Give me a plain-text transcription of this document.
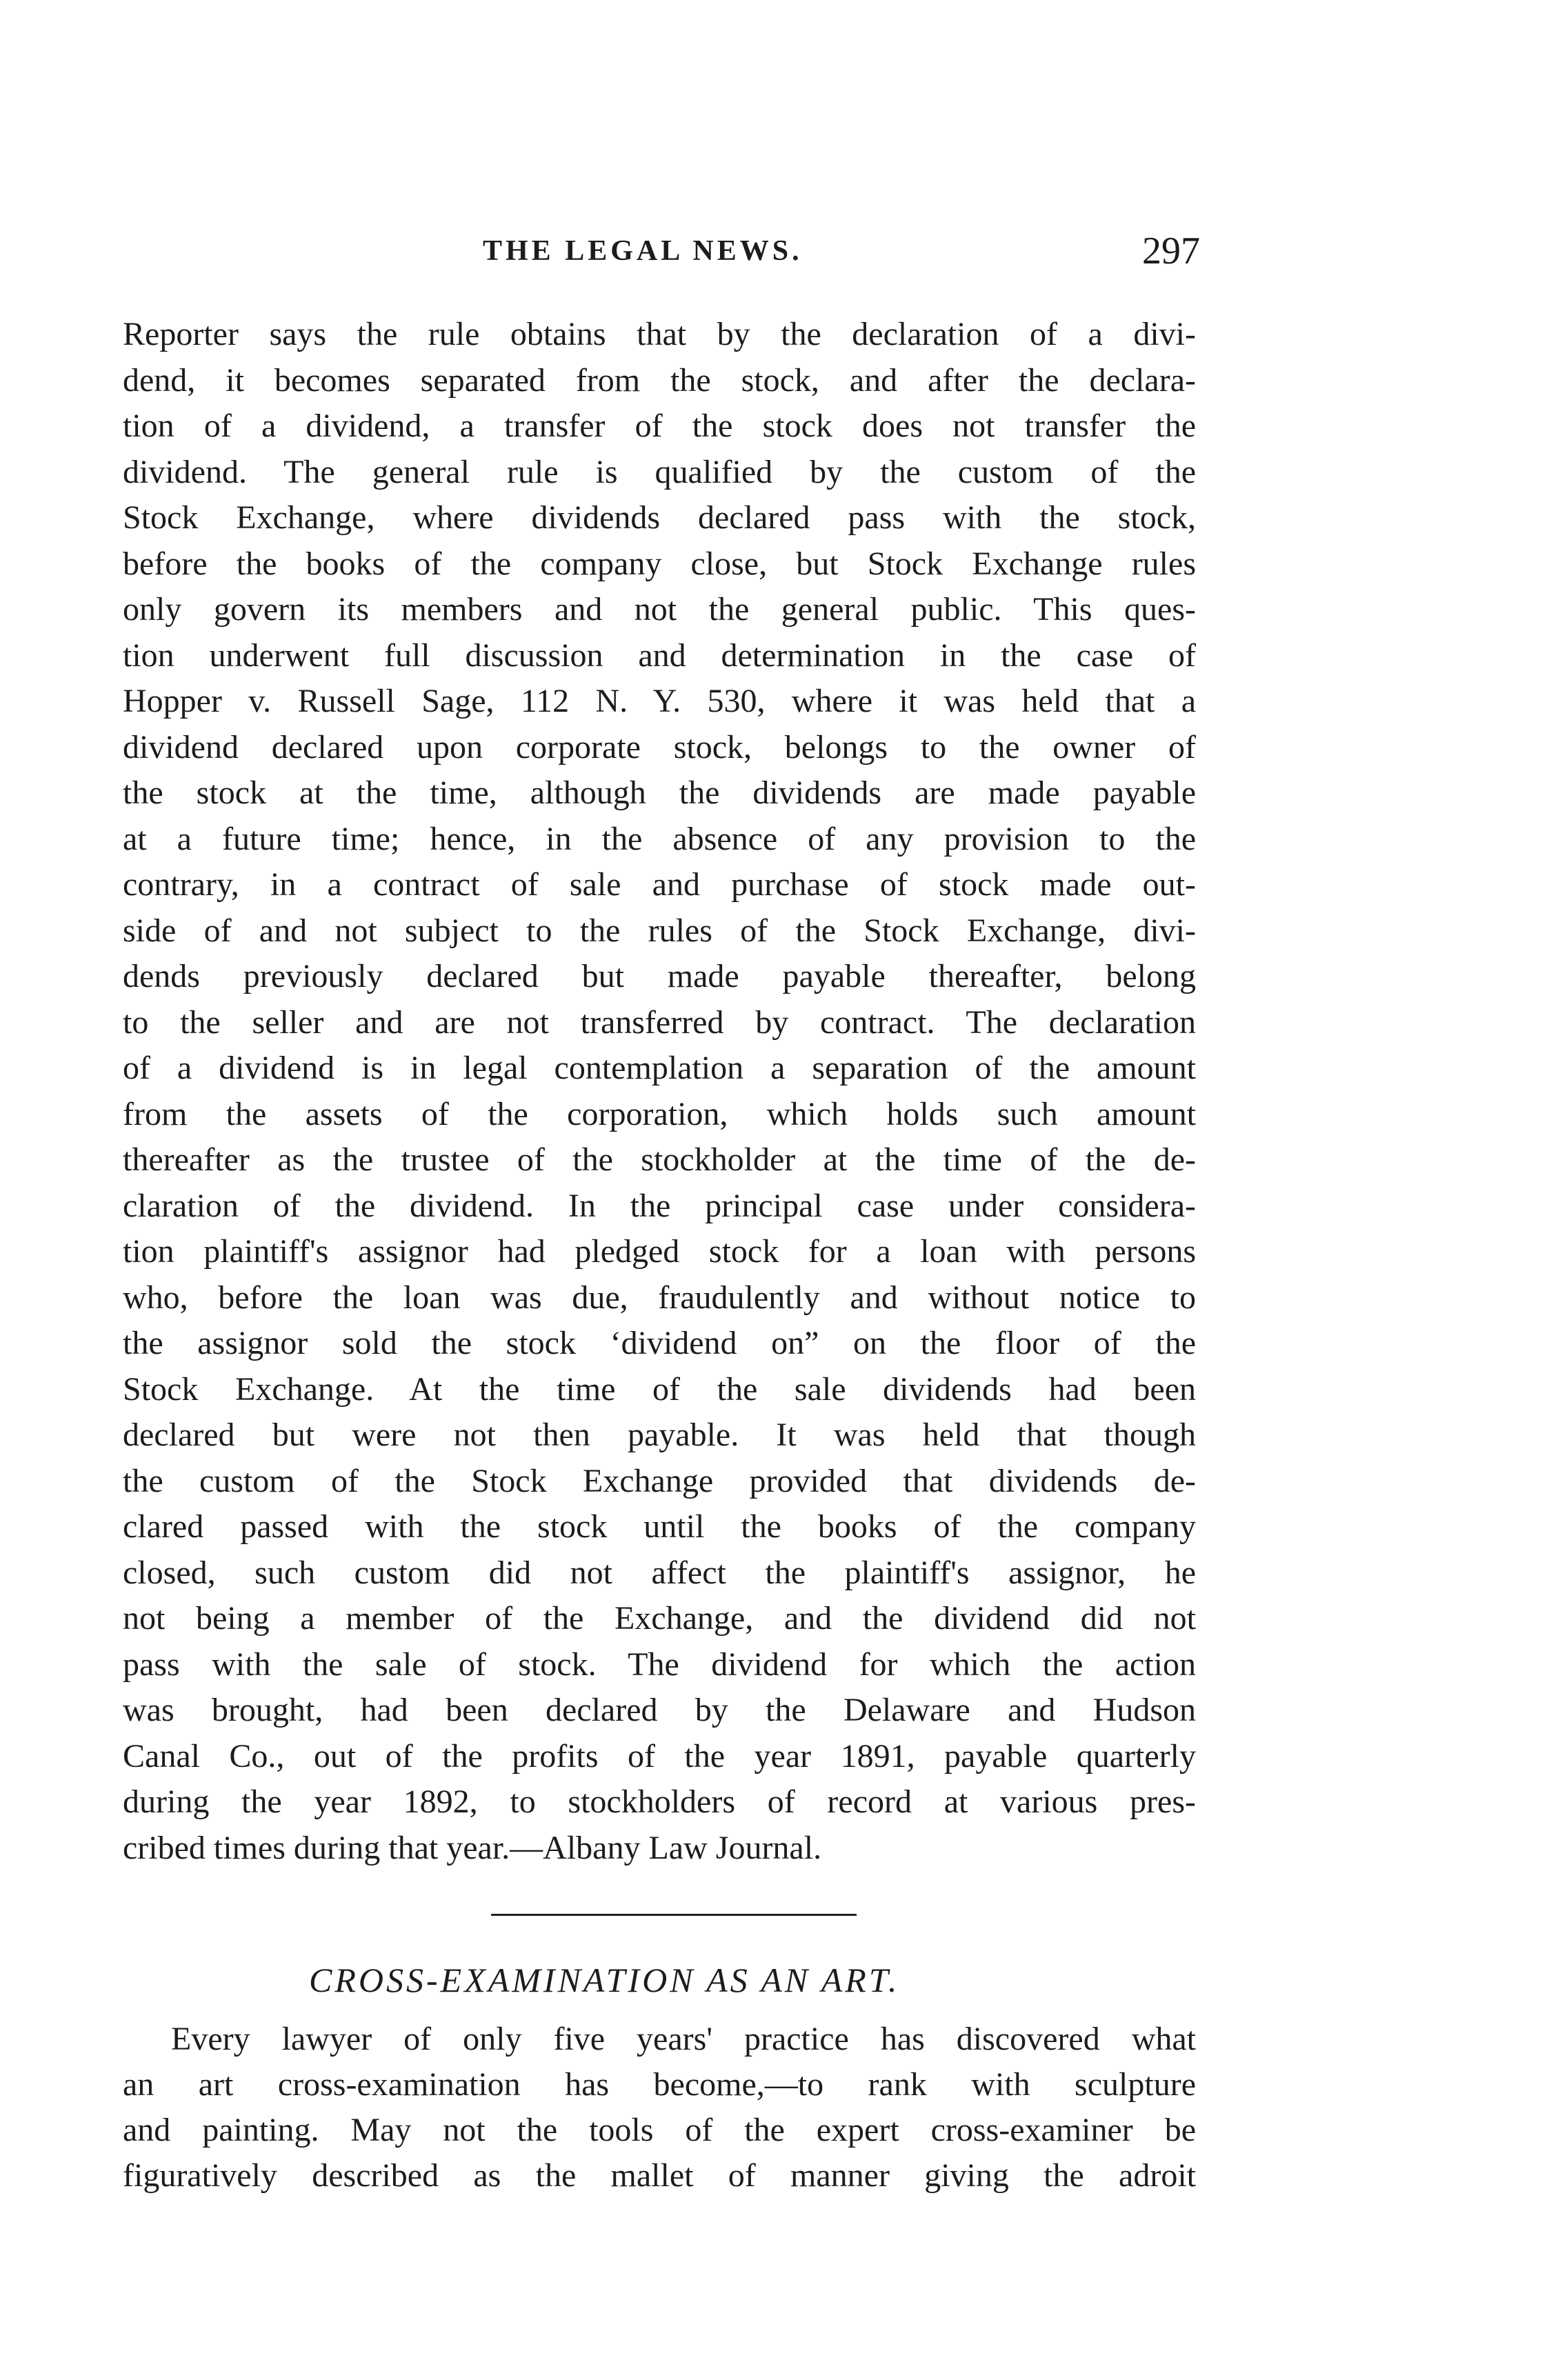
THE LEGAL NEWS.	297
Reporter says the rule obtains that by the declaration of a divi-
dend, it becomes separated from the stock, and after the declara-
tion of a dividend, a transfer of the stock does not transfer the
dividend. The general rule is qualified by the custom of the
Stock Exchange, where dividends declared pass with the stock,
before the books of the company close, but Stock Exchange rules
only govern its members and not the general public. This ques-
tion underwent full discussion and determination in the case of
Hopper v. Russell Sage, 112 N. Y. 530, where it was held that a
dividend declared upon corporate stock, belongs to the owner of
the stock at the time, although the dividends are made payable
at a future time; hence, in the absence of any provision to the
contrary, in a contract of sale and purchase of stock made out-
side of and not subject to the rules of the Stock Exchange, divi-
dends previously declared but made payable thereafter, belong
to the seller and are not transferred by contract. The declaration
of a dividend is in legal contemplation a separation of the amount
from the assets of the corporation, which holds such amount
thereafter as the trustee of the stockholder at the time of the de-
claration of the dividend. In the principal case under considera-
tion plaintiff's assignor had pledged stock for a loan with persons
who, before the loan was due, fraudulently and without notice to
the assignor sold the stock ‘dividend on” on the floor of the
Stock Exchange. At the time of the sale dividends had been
declared but were not then payable. It was held that though
the custom of the Stock Exchange provided that dividends de-
clared passed with the stock until the books of the company
closed, such custom did not affect the plaintiff's assignor, he
not being a member of the Exchange, and the dividend did not
pass with the sale of stock. The dividend for which the action
was brought, had been declared by the Delaware and Hudson
Canal Co., out of the profits of the year 1891, payable quarterly
during the year 1892, to stockholders of record at various pres-
cribed times during that year.—Albany Law Journal.
CROSS-EXAMINATION AS AN ART.
Every lawyer of only five years' practice has discovered what
an art cross-examination has become,—to rank with sculpture
and painting. May not the tools of the expert cross-examiner be
figuratively described as the mallet of manner giving the adroit
